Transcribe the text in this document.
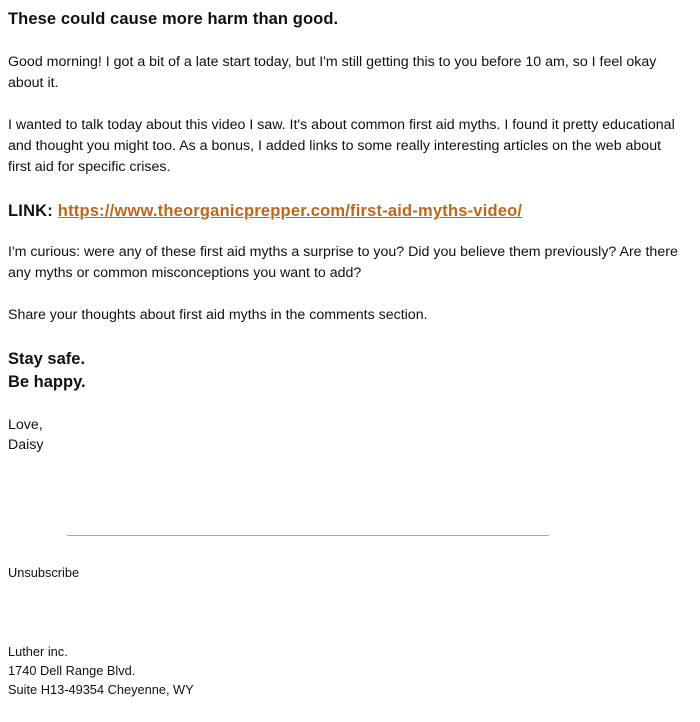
These could cause more harm than good.

Good morning! I got a bit of a late start today, but I'm still getting this to you before 10 am, so I feel okay about it.

I wanted to talk today about this video I saw. It's about common first aid myths. I found it pretty educational and thought you might too. As a bonus, I added links to some really interesting articles on the web about first aid for specific crises.

LINK: https://www.theorganicprepper.com/first-aid-myths-video/

I'm curious: were any of these first aid myths a surprise to you? Did you believe them previously? Are there any myths or common misconceptions you want to add?

Share your thoughts about first aid myths in the comments section.

Stay safe.

Be happy.

Love,

Daisy

Unsubscribe

Luther inc.

1740 Dell Range Blvd.

Suite H13-49354 Cheyenne, WY
